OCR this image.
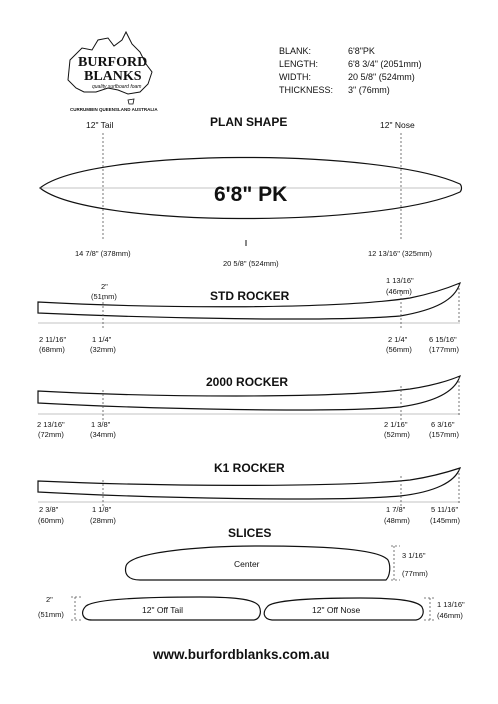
BURFORD
BLANKS
quality surfboard foam
CURRUMBIN QUEENSLAND AUSTRALIA
BLANK:	6'8"PK
LENGTH:	6'8 3/4" (2051mm)
WIDTH:	20 5/8" (524mm)
THICKNESS: 3" (76mm)
PLAN SHAPE
12" Tail	12" Nose
6'8" PK
14 7/8" (378mm)
20 5/8" (524mm)
12 13/16" (325mm)
STD ROCKER
2"
(51mm)
1 13/16"
(46mm)
2 11/16"
(68mm)
1 1/4"
(32mm)
2 1/4"
(56mm)
6 15/16"
(177mm)
2000 ROCKER
2 13/16"
(72mm)
1 3/8"
(34mm)
2 1/16"
(52mm)
6 3/16"
(157mm)
K1 ROCKER
2 3/8"
(60mm)
1 1/8"
(28mm)
1 7/8"
(48mm)
5 11/16"
(145mm)
SLICES
Center
3 1/16"
(77mm)
12" Off Tail	12" Off Nose
2"
(51mm)
1 13/16"
(46mm)
www.burfordblanks.com.au
